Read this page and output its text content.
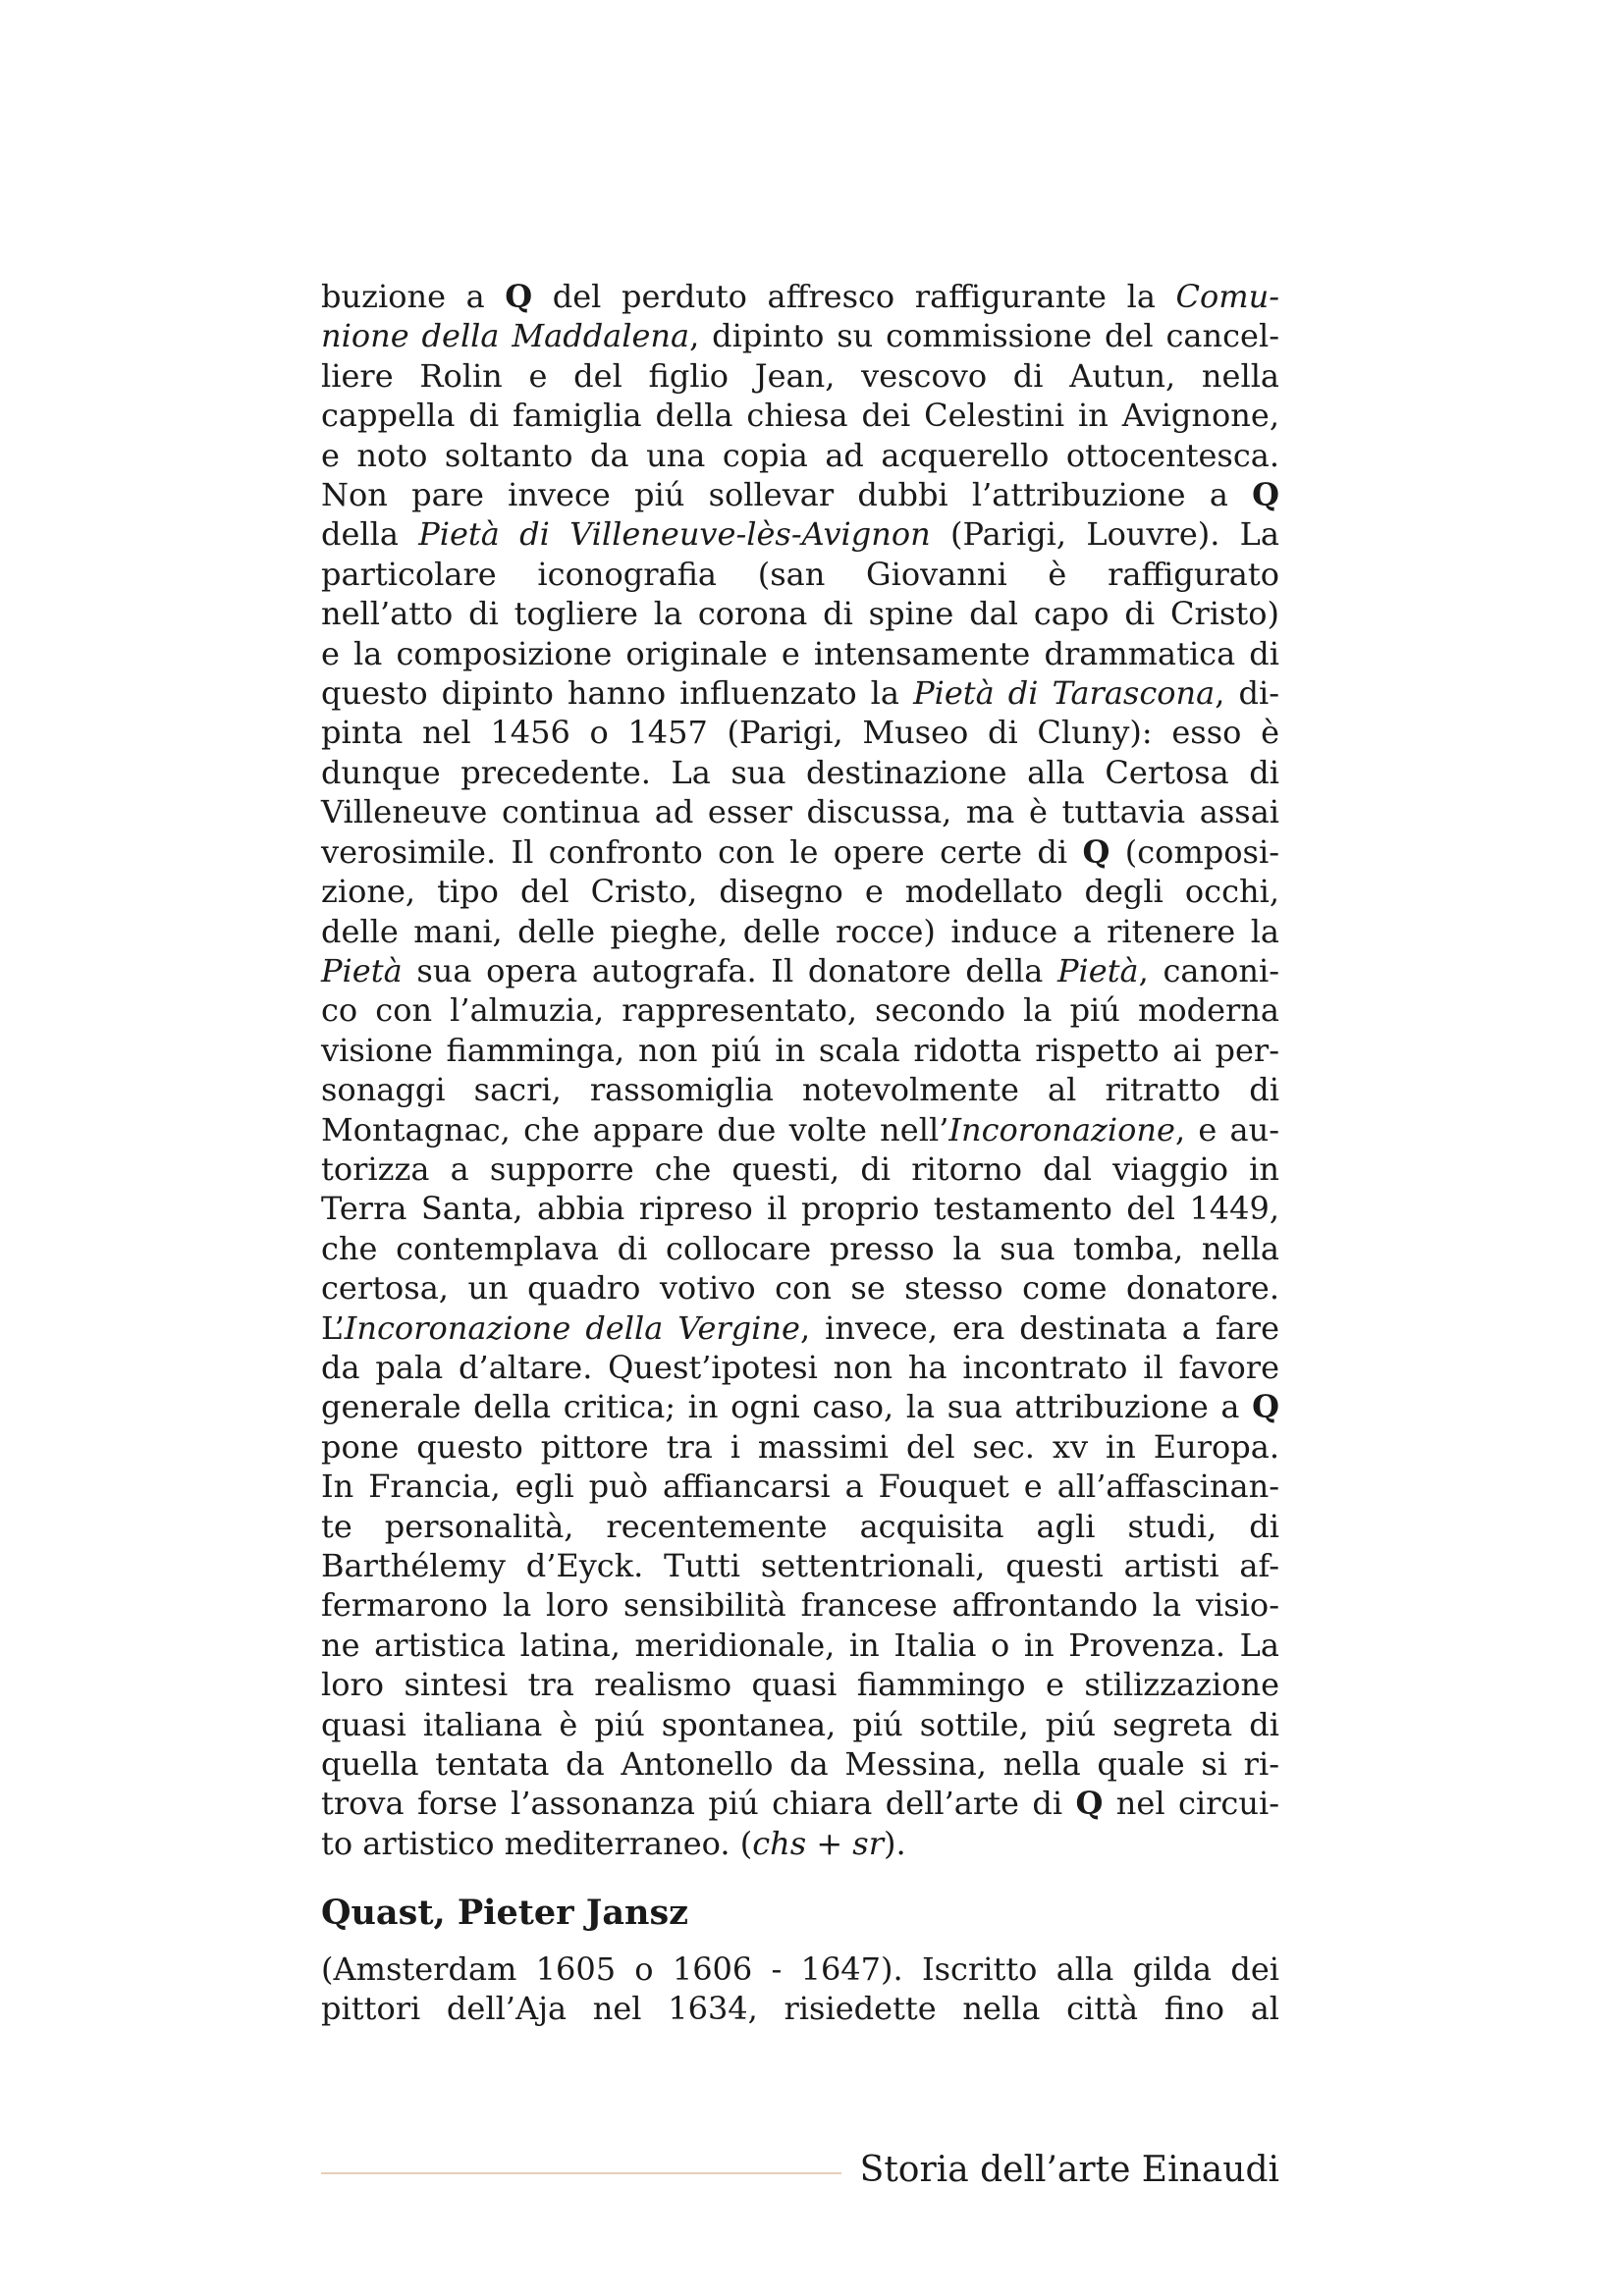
buzione a Q del perduto affresco raffigurante la Comu-
nione della Maddalena, dipinto su commissione del cancel-
liere Rolin e del figlio Jean, vescovo di Autun, nella
cappella di famiglia della chiesa dei Celestini in Avignone,
e noto soltanto da una copia ad acquerello ottocentesca.
Non pare invece piú sollevar dubbi l’attribuzione a Q
della Pietà di Villeneuve-lès-Avignon (Parigi, Louvre). La
particolare iconografia (san Giovanni è raffigurato
nell’atto di togliere la corona di spine dal capo di Cristo)
e la composizione originale e intensamente drammatica di
questo dipinto hanno influenzato la Pietà di Tarascona, di-
pinta nel 1456 o 1457 (Parigi, Museo di Cluny): esso è
dunque precedente. La sua destinazione alla Certosa di
Villeneuve continua ad esser discussa, ma è tuttavia assai
verosimile. Il confronto con le opere certe di Q (composi-
zione, tipo del Cristo, disegno e modellato degli occhi,
delle mani, delle pieghe, delle rocce) induce a ritenere la
Pietà sua opera autografa. Il donatore della Pietà, canoni-
co con l’almuzia, rappresentato, secondo la piú moderna
visione fiamminga, non piú in scala ridotta rispetto ai per-
sonaggi sacri, rassomiglia notevolmente al ritratto di
Montagnac, che appare due volte nell’Incoronazione, e au-
torizza a supporre che questi, di ritorno dal viaggio in
Terra Santa, abbia ripreso il proprio testamento del 1449,
che contemplava di collocare presso la sua tomba, nella
certosa, un quadro votivo con se stesso come donatore.
L’Incoronazione della Vergine, invece, era destinata a fare
da pala d’altare. Quest’ipotesi non ha incontrato il favore
generale della critica; in ogni caso, la sua attribuzione a Q
pone questo pittore tra i massimi del sec. xv in Europa.
In Francia, egli può affiancarsi a Fouquet e all’affascinan-
te personalità, recentemente acquisita agli studi, di
Barthélemy d’Eyck. Tutti settentrionali, questi artisti af-
fermarono la loro sensibilità francese affrontando la visio-
ne artistica latina, meridionale, in Italia o in Provenza. La
loro sintesi tra realismo quasi fiammingo e stilizzazione
quasi italiana è piú spontanea, piú sottile, piú segreta di
quella tentata da Antonello da Messina, nella quale si ri-
trova forse l’assonanza piú chiara dell’arte di Q nel circui-
to artistico mediterraneo. (chs + sr).
Quast, Pieter Jansz
(Amsterdam 1605 o 1606 - 1647). Iscritto alla gilda dei
pittori dell’Aja nel 1634, risiedette nella città fino al
Storia dell’arte Einaudi
